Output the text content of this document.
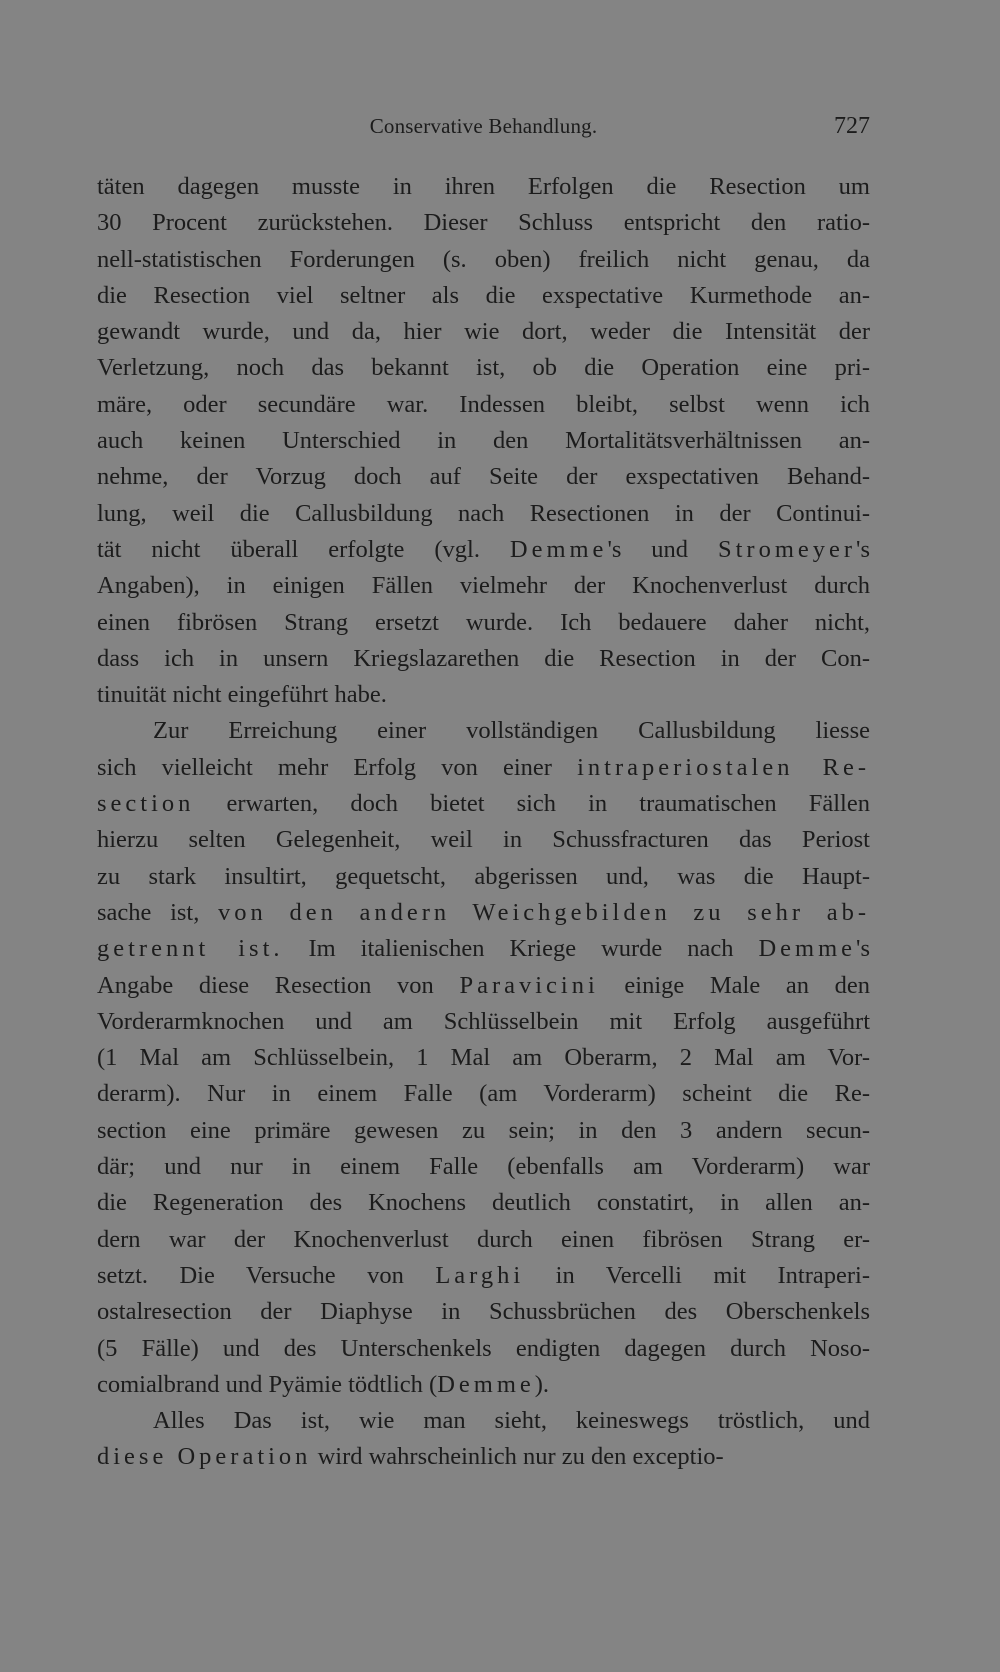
Conservative Behandlung.	727
täten dagegen musste in ihren Erfolgen die Resection um
30 Procent zurückstehen. Dieser Schluss entspricht den ratio-
nell-statistischen Forderungen (s. oben) freilich nicht genau, da
die Resection viel seltner als die exspectative Kurmethode an-
gewandt wurde, und da, hier wie dort, weder die Intensität der
Verletzung, noch das bekannt ist, ob die Operation eine pri-
märe, oder secundäre war. Indessen bleibt, selbst wenn ich
auch keinen Unterschied in den Mortalitätsverhältnissen an-
nehme, der Vorzug doch auf Seite der exspectativen Behand-
lung, weil die Callusbildung nach Resectionen in der Continui-
tät nicht überall erfolgte (vgl. Demme's und Stromeyer's
Angaben), in einigen Fällen vielmehr der Knochenverlust durch
einen fibrösen Strang ersetzt wurde. Ich bedauere daher nicht,
dass ich in unsern Kriegslazarethen die Resection in der Con-
tinuität nicht eingeführt habe.
Zur Erreichung einer vollständigen Callusbildung liesse
sich vielleicht mehr Erfolg von einer intraperiostalen Re-
section erwarten, doch bietet sich in traumatischen Fällen
hierzu selten Gelegenheit, weil in Schussfracturen das Periost
zu stark insultirt, gequetscht, abgerissen und, was die Haupt-
sache ist, von den andern Weichgebilden zu sehr ab-
getrennt ist. Im italienischen Kriege wurde nach Demme's
Angabe diese Resection von Paravicini einige Male an den
Vorderarmknochen und am Schlüsselbein mit Erfolg ausgeführt
(1 Mal am Schlüsselbein, 1 Mal am Oberarm, 2 Mal am Vor-
derarm). Nur in einem Falle (am Vorderarm) scheint die Re-
section eine primäre gewesen zu sein; in den 3 andern secun-
där; und nur in einem Falle (ebenfalls am Vorderarm) war
die Regeneration des Knochens deutlich constatirt, in allen an-
dern war der Knochenverlust durch einen fibrösen Strang er-
setzt. Die Versuche von Larghi in Vercelli mit Intraperi-
ostalresection der Diaphyse in Schussbrüchen des Oberschenkels
(5 Fälle) und des Unterschenkels endigten dagegen durch Noso-
comialbrand und Pyämie tödtlich (Demme).
Alles Das ist, wie man sieht, keineswegs tröstlich, und
diese Operation wird wahrscheinlich nur zu den exceptio-
